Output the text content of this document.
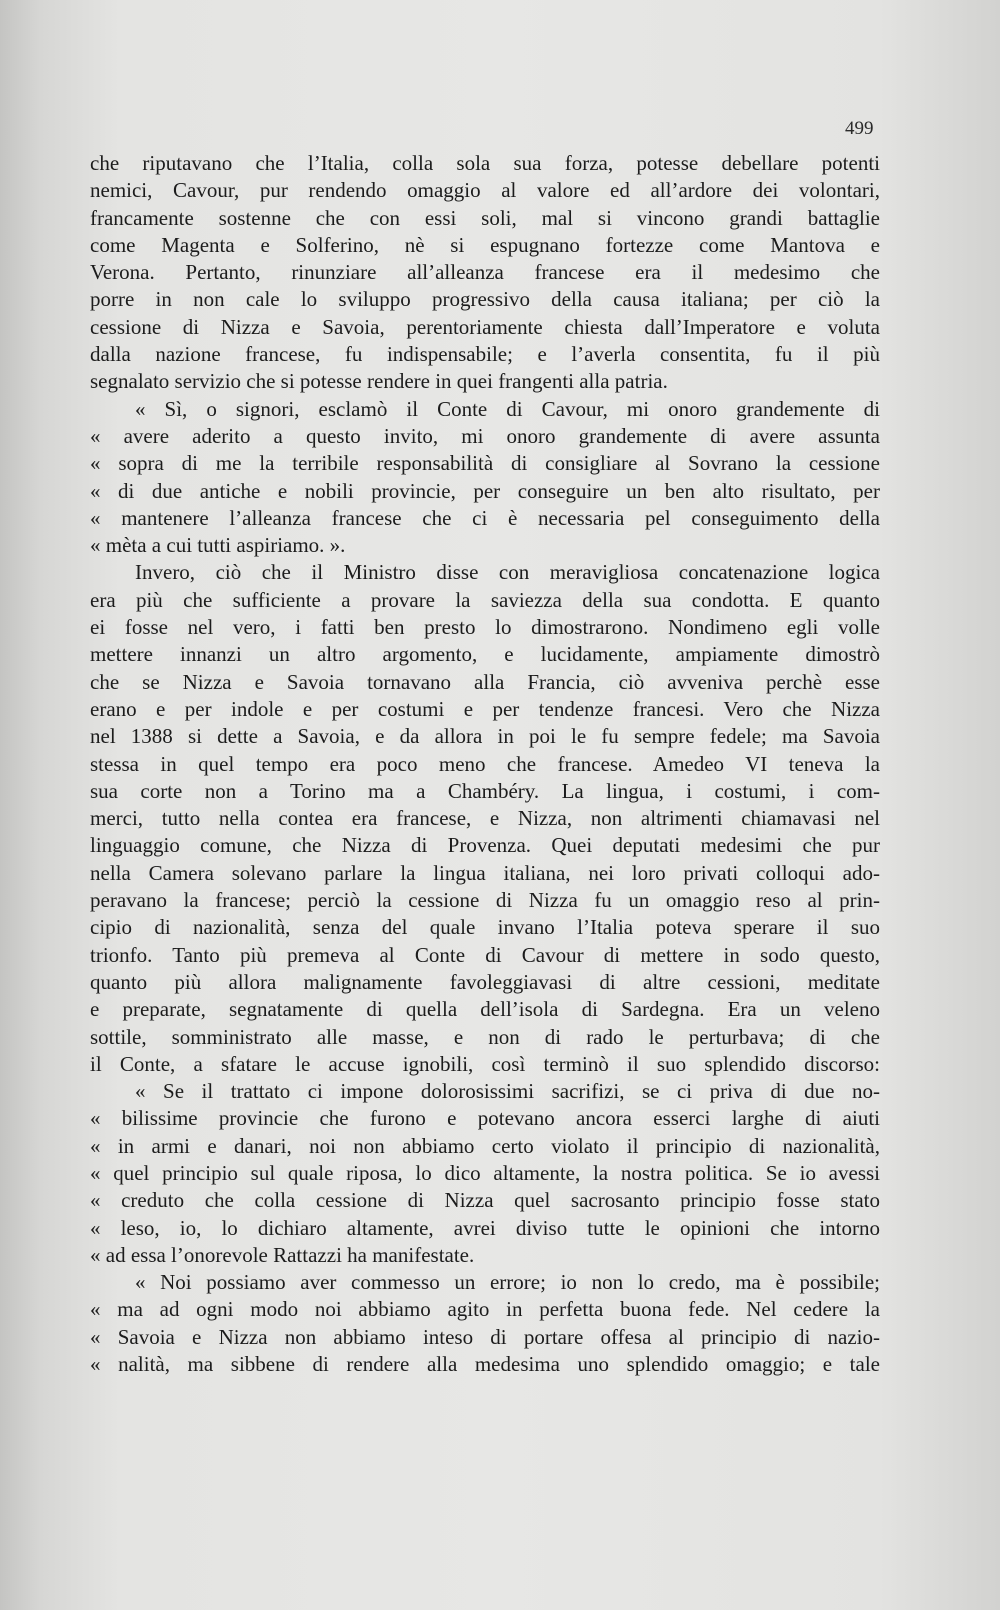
499
che riputavano che l’Italia, colla sola sua forza, potesse debellare potenti
nemici, Cavour, pur rendendo omaggio al valore ed all’ardore dei volontari,
francamente sostenne che con essi soli, mal si vincono grandi battaglie
come Magenta e Solferino, nè si espugnano fortezze come Mantova e
Verona. Pertanto, rinunziare all’alleanza francese era il medesimo che
porre in non cale lo sviluppo progressivo della causa italiana; per ciò la
cessione di Nizza e Savoia, perentoriamente chiesta dall’Imperatore e voluta
dalla nazione francese, fu indispensabile; e l’averla consentita, fu il più
segnalato servizio che si potesse rendere in quei frangenti alla patria.
« Sì, o signori, esclamò il Conte di Cavour, mi onoro grandemente di
« avere aderito a questo invito, mi onoro grandemente di avere assunta
« sopra di me la terribile responsabilità di consigliare al Sovrano la cessione
« di due antiche e nobili provincie, per conseguire un ben alto risultato, per
« mantenere l’alleanza francese che ci è necessaria pel conseguimento della
« mèta a cui tutti aspiriamo. ».
Invero, ciò che il Ministro disse con meravigliosa concatenazione logica
era più che sufficiente a provare la saviezza della sua condotta. E quanto
ei fosse nel vero, i fatti ben presto lo dimostrarono. Nondimeno egli volle
mettere innanzi un altro argomento, e lucidamente, ampiamente dimostrò
che se Nizza e Savoia tornavano alla Francia, ciò avveniva perchè esse
erano e per indole e per costumi e per tendenze francesi. Vero che Nizza
nel 1388 si dette a Savoia, e da allora in poi le fu sempre fedele; ma Savoia
stessa in quel tempo era poco meno che francese. Amedeo VI teneva la
sua corte non a Torino ma a Chambéry. La lingua, i costumi, i com-
merci, tutto nella contea era francese, e Nizza, non altrimenti chiamavasi nel
linguaggio comune, che Nizza di Provenza. Quei deputati medesimi che pur
nella Camera solevano parlare la lingua italiana, nei loro privati colloqui ado-
peravano la francese; perciò la cessione di Nizza fu un omaggio reso al prin-
cipio di nazionalità, senza del quale invano l’Italia poteva sperare il suo
trionfo. Tanto più premeva al Conte di Cavour di mettere in sodo questo,
quanto più allora malignamente favoleggiavasi di altre cessioni, meditate
e preparate, segnatamente di quella dell’isola di Sardegna. Era un veleno
sottile, somministrato alle masse, e non di rado le perturbava; di che
il Conte, a sfatare le accuse ignobili, così terminò il suo splendido discorso:
« Se il trattato ci impone dolorosissimi sacrifizi, se ci priva di due no-
« bilissime provincie che furono e potevano ancora esserci larghe di aiuti
« in armi e danari, noi non abbiamo certo violato il principio di nazionalità,
« quel principio sul quale riposa, lo dico altamente, la nostra politica. Se io avessi
« creduto che colla cessione di Nizza quel sacrosanto principio fosse stato
« leso, io, lo dichiaro altamente, avrei diviso tutte le opinioni che intorno
« ad essa l’onorevole Rattazzi ha manifestate.
« Noi possiamo aver commesso un errore; io non lo credo, ma è possibile;
« ma ad ogni modo noi abbiamo agito in perfetta buona fede. Nel cedere la
« Savoia e Nizza non abbiamo inteso di portare offesa al principio di nazio-
« nalità, ma sibbene di rendere alla medesima uno splendido omaggio; e tale
